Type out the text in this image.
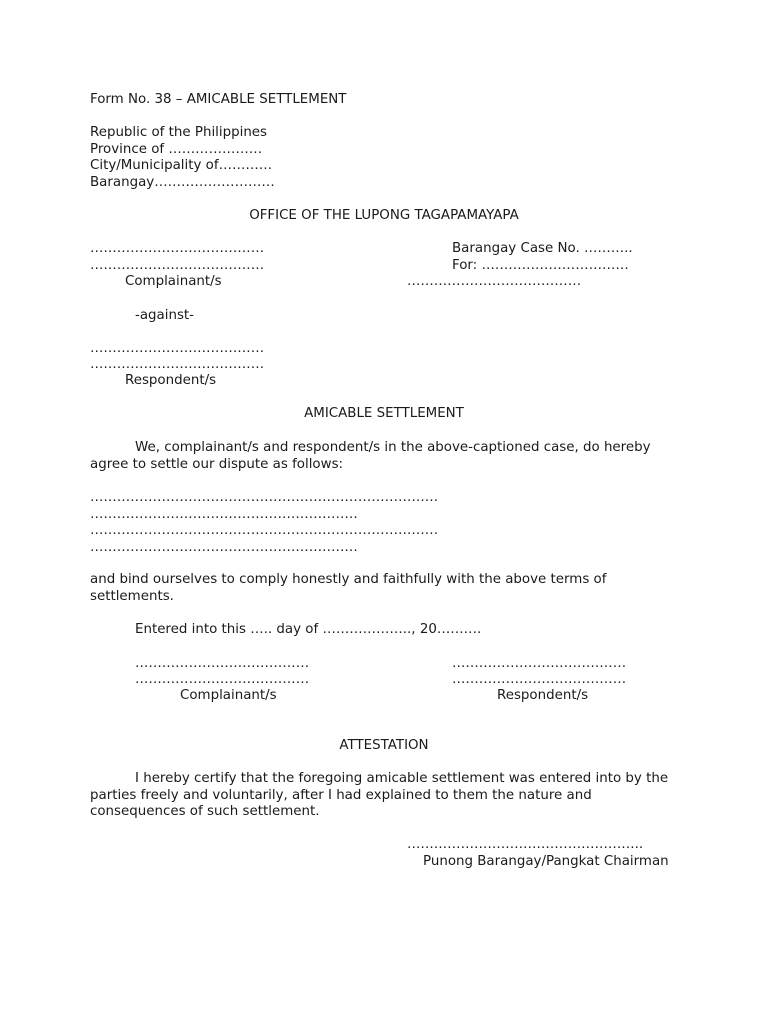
Form No. 38 – AMICABLE SETTLEMENT
Republic of the Philippines
Province of …………………
City/Municipality of…………
Barangay………………………
OFFICE OF THE LUPONG TAGAPAMAYAPA
…………………………………
…………………………………
Complainant/s
Barangay Case No. ………..
For: ……………………………
…………………………………
-against-
…………………………………
…………………………………
Respondent/s
AMICABLE SETTLEMENT
We, complainant/s and respondent/s in the above-captioned case, do hereby agree to settle our dispute as follows:
……………………………………………………………………
……………………………………………………
……………………………………………………………………
……………………………………………………
and bind ourselves to comply honestly and faithfully with the above terms of settlements.
Entered into this ….. day of ……………….., 20……….
…………………………………
…………………………………
Complainant/s
…………………………………
…………………………………
Respondent/s
ATTESTATION
I hereby certify that the foregoing amicable settlement was entered into by the parties freely and voluntarily, after I had explained to them the nature and consequences of such settlement.
……………………………………………..
Punong Barangay/Pangkat Chairman
